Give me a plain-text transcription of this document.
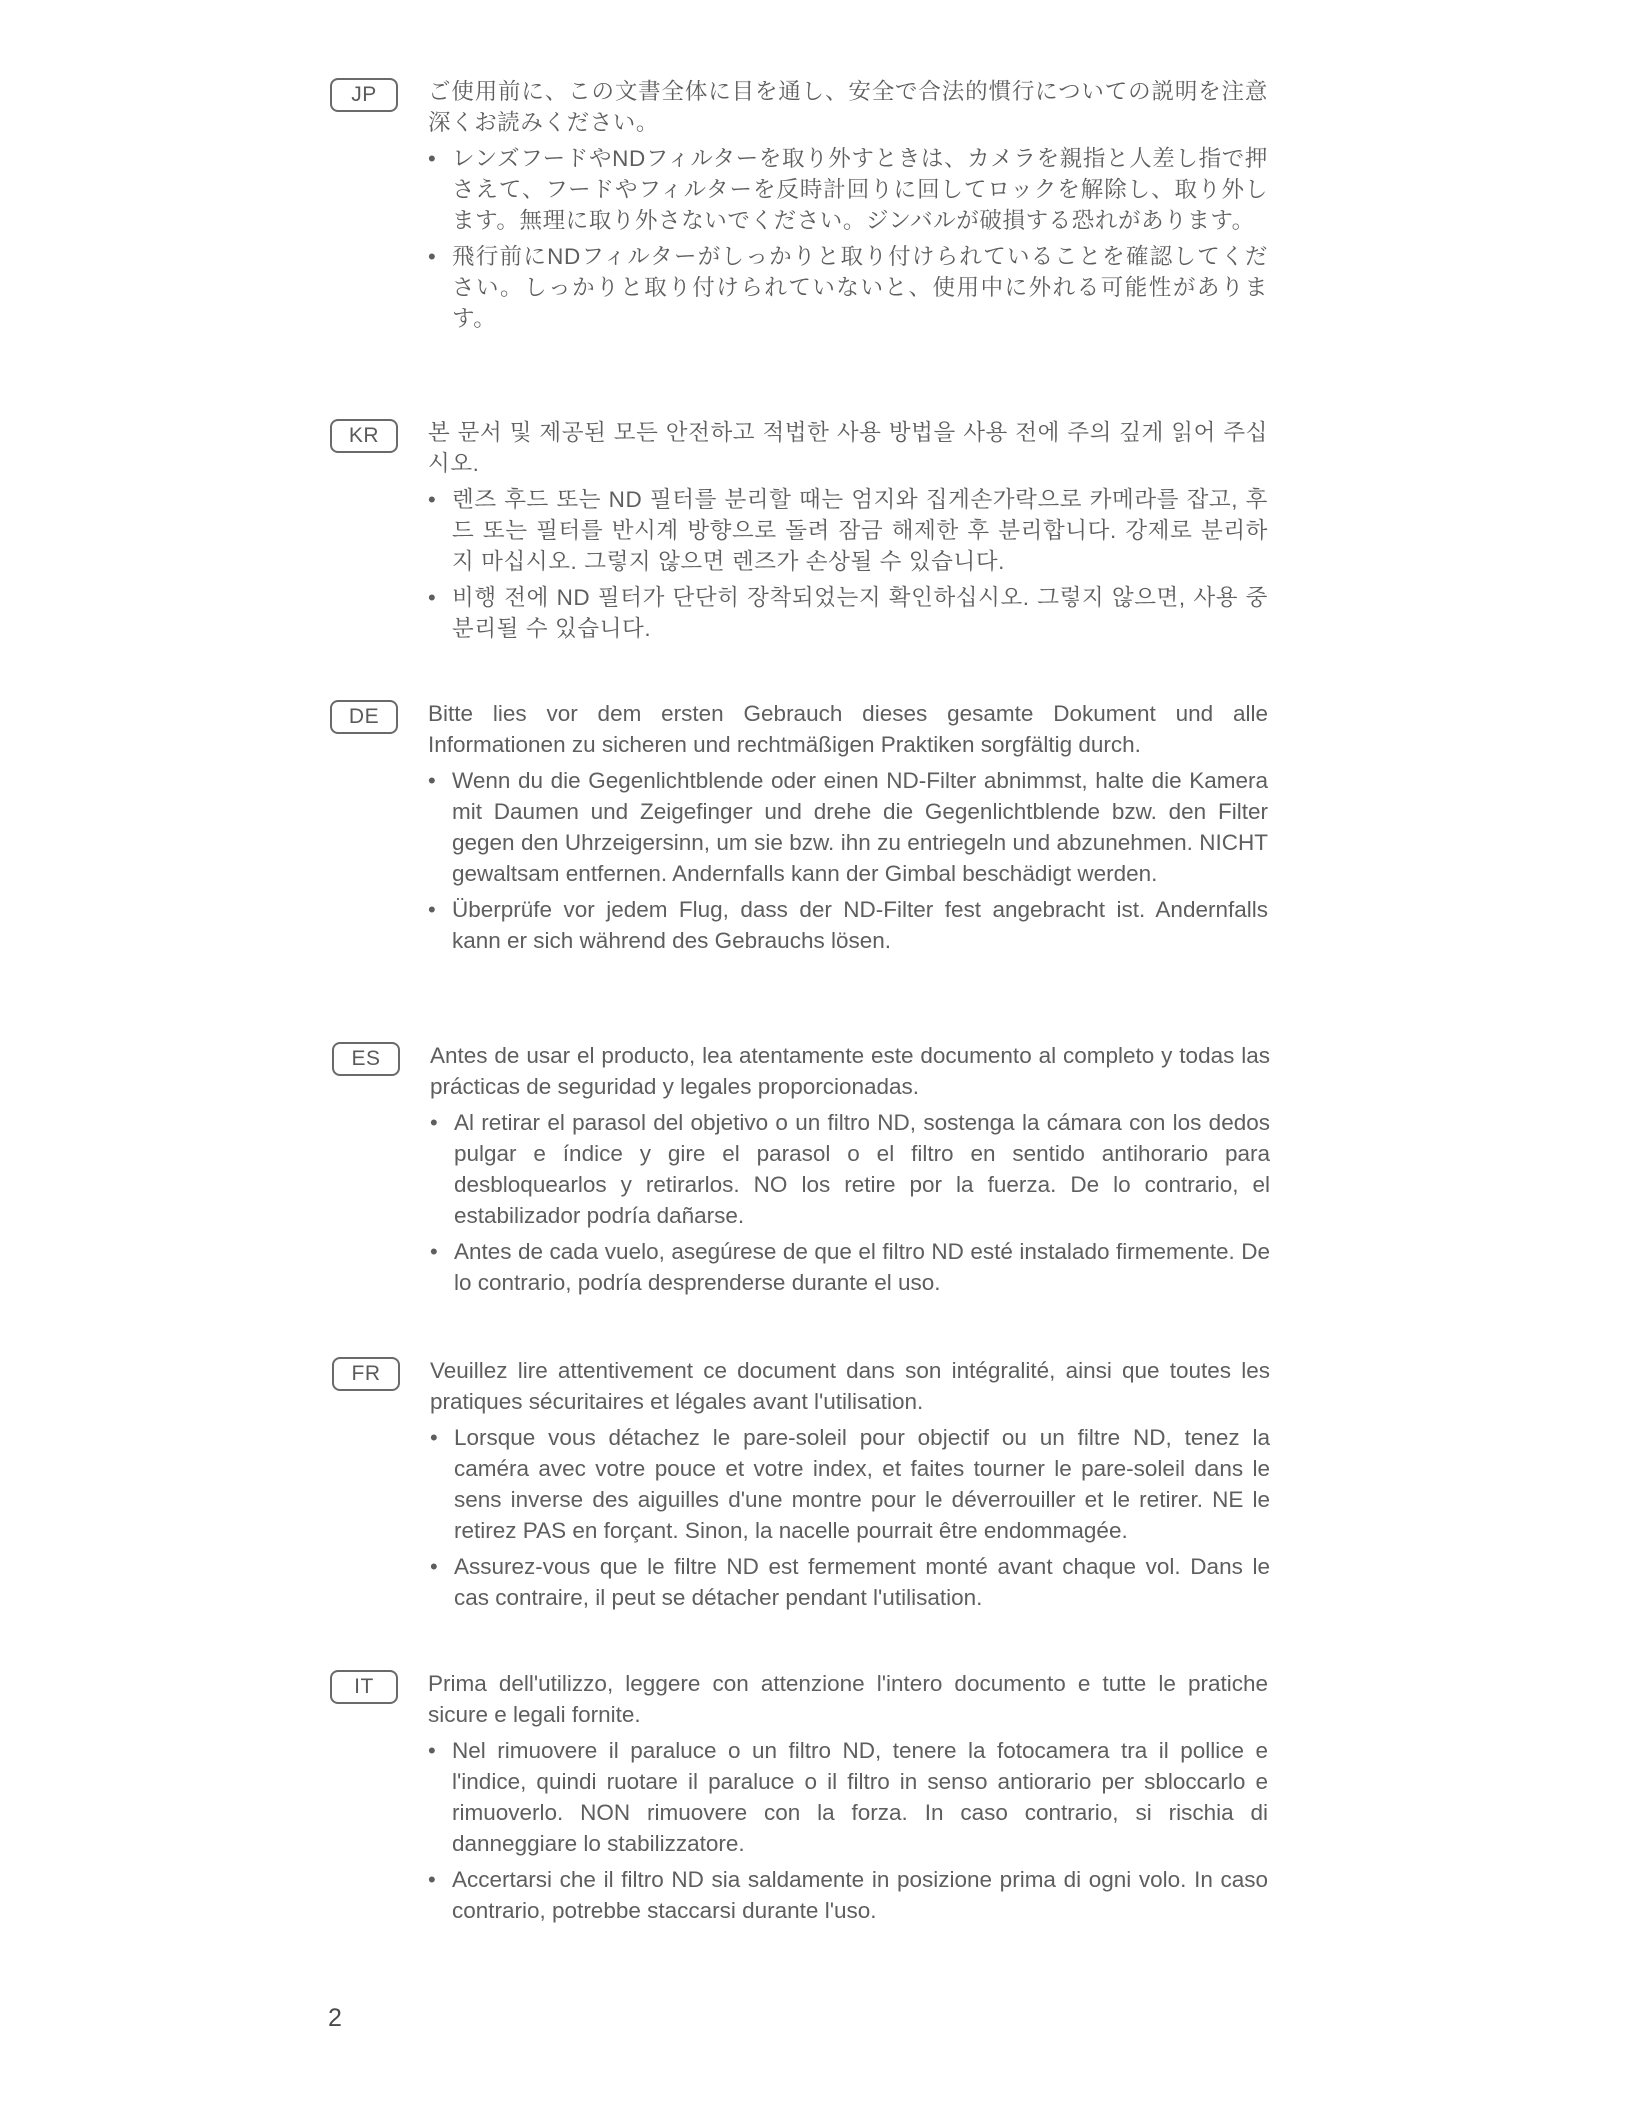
JP	ご使用前に、この文書全体に目を通し、安全で合法的慣行についての説明を注意深くお読みください。

• レンズフードやNDフィルターを取り外すときは、カメラを親指と人差し指で押さえて、フードやフィルターを反時計回りに回してロックを解除し、取り外します。無理に取り外さないでください。ジンバルが破損する恐れがあります。
• 飛行前にNDフィルターがしっかりと取り付けられていることを確認してください。しっかりと取り付けられていないと、使用中に外れる可能性があります。
KR	본 문서 및 제공된 모든 안전하고 적법한 사용 방법을 사용 전에 주의 깊게 읽어 주십시오.

• 렌즈 후드 또는 ND 필터를 분리할 때는 엄지와 집게손가락으로 카메라를 잡고, 후드 또는 필터를 반시계 방향으로 돌려 잠금 해제한 후 분리합니다. 강제로 분리하지 마십시오. 그렇지 않으면 렌즈가 손상될 수 있습니다.
• 비행 전에 ND 필터가 단단히 장착되었는지 확인하십시오. 그렇지 않으면, 사용 중 분리될 수 있습니다.
DE	Bitte lies vor dem ersten Gebrauch dieses gesamte Dokument und alle Informationen zu sicheren und rechtmäßigen Praktiken sorgfältig durch.

• Wenn du die Gegenlichtblende oder einen ND-Filter abnimmst, halte die Kamera mit Daumen und Zeigefinger und drehe die Gegenlichtblende bzw. den Filter gegen den Uhrzeigersinn, um sie bzw. ihn zu entriegeln und abzunehmen. NICHT gewaltsam entfernen. Andernfalls kann der Gimbal beschädigt werden.
• Überprüfe vor jedem Flug, dass der ND-Filter fest angebracht ist. Andernfalls kann er sich während des Gebrauchs lösen.
ES	Antes de usar el producto, lea atentamente este documento al completo y todas las prácticas de seguridad y legales proporcionadas.

• Al retirar el parasol del objetivo o un filtro ND, sostenga la cámara con los dedos pulgar e índice y gire el parasol o el filtro en sentido antihorario para desbloquearlos y retirarlos. NO los retire por la fuerza. De lo contrario, el estabilizador podría dañarse.
• Antes de cada vuelo, asegúrese de que el filtro ND esté instalado firmemente. De lo contrario, podría desprenderse durante el uso.
FR	Veuillez lire attentivement ce document dans son intégralité, ainsi que toutes les pratiques sécuritaires et légales avant l'utilisation.

• Lorsque vous détachez le pare-soleil pour objectif ou un filtre ND, tenez la caméra avec votre pouce et votre index, et faites tourner le pare-soleil dans le sens inverse des aiguilles d'une montre pour le déverrouiller et le retirer. NE le retirez PAS en forçant. Sinon, la nacelle pourrait être endommagée.
• Assurez-vous que le filtre ND est fermement monté avant chaque vol. Dans le cas contraire, il peut se détacher pendant l'utilisation.
IT	Prima dell'utilizzo, leggere con attenzione l'intero documento e tutte le pratiche sicure e legali fornite.

• Nel rimuovere il paraluce o un filtro ND, tenere la fotocamera tra il pollice e l'indice, quindi ruotare il paraluce o il filtro in senso antiorario per sbloccarlo e rimuoverlo. NON rimuovere con la forza. In caso contrario, si rischia di danneggiare lo stabilizzatore.
• Accertarsi che il filtro ND sia saldamente in posizione prima di ogni volo. In caso contrario, potrebbe staccarsi durante l'uso.
2
